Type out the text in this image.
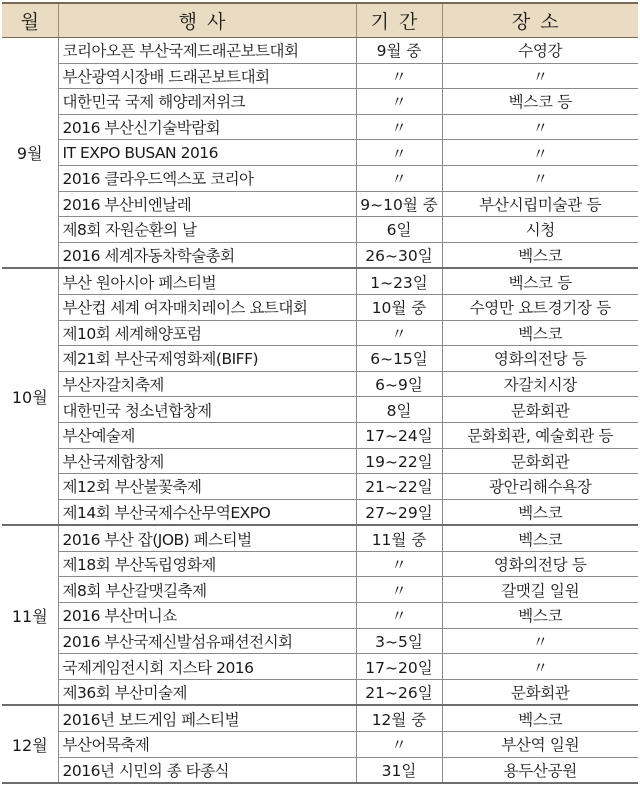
월	행사	기간	장소
9월	코리아오픈 부산국제드래곤보트대회	9월 중	수영강
	부산광역시장배 드래곤보트대회	〃	〃
	대한민국 국제 해양레저위크	〃	벡스코 등
	2016 부산신기술박람회	〃	〃
	IT EXPO BUSAN 2016	〃	〃
	2016 클라우드엑스포 코리아	〃	〃
	2016 부산비엔날레	9~10월 중	부산시립미술관 등
	제8회 자원순환의 날	6일	시청
	2016 세계자동차학술총회	26~30일	벡스코
10월	부산 원아시아 페스티벌	1~23일	벡스코 등
	부산컵 세계 여자매치레이스 요트대회	10월 중	수영만 요트경기장 등
	제10회 세계해양포럼	〃	벡스코
	제21회 부산국제영화제(BIFF)	6~15일	영화의전당 등
	부산자갈치축제	6~9일	자갈치시장
	대한민국 청소년합창제	8일	문화회관
	부산예술제	17~24일	문화회관, 예술회관 등
	부산국제합창제	19~22일	문화회관
	제12회 부산불꽃축제	21~22일	광안리해수욕장
	제14회 부산국제수산무역EXPO	27~29일	벡스코
11월	2016 부산 잡(JOB) 페스티벌	11월 중	벡스코
	제18회 부산독립영화제	〃	영화의전당 등
	제8회 부산갈맷길축제	〃	갈맷길 일원
	2016 부산머니쇼	〃	벡스코
	2016 부산국제신발섬유패션전시회	3~5일	〃
	국제게임전시회 지스타 2016	17~20일	〃
	제36회 부산미술제	21~26일	문화회관
12월	2016년 보드게임 페스티벌	12월 중	벡스코
	부산어묵축제	〃	부산역 일원
	2016년 시민의 종 타종식	31일	용두산공원
